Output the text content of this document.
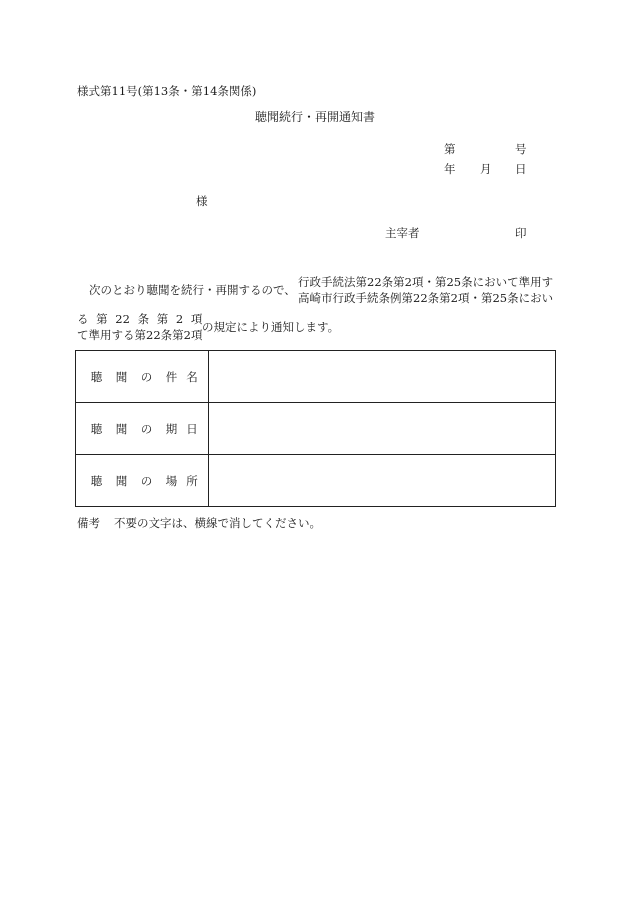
様式第11号(第13条・第14条関係)
聴聞続行・再開通知書
第	号
年 月 日
様
主宰者	印
次のとおり聴聞を続行・再開するので、
行政手続法第22条第2項・第25条において準用す
高崎市行政手続条例第22条第2項・第25条におい
る 第 22 条 第 2 項
て準用する第22条第2項
の規定により通知します。
聴 聞 の 件 名	
聴 聞 の 期 日	
聴 聞 の 場 所	
備考 不要の文字は、横線で消してください。
